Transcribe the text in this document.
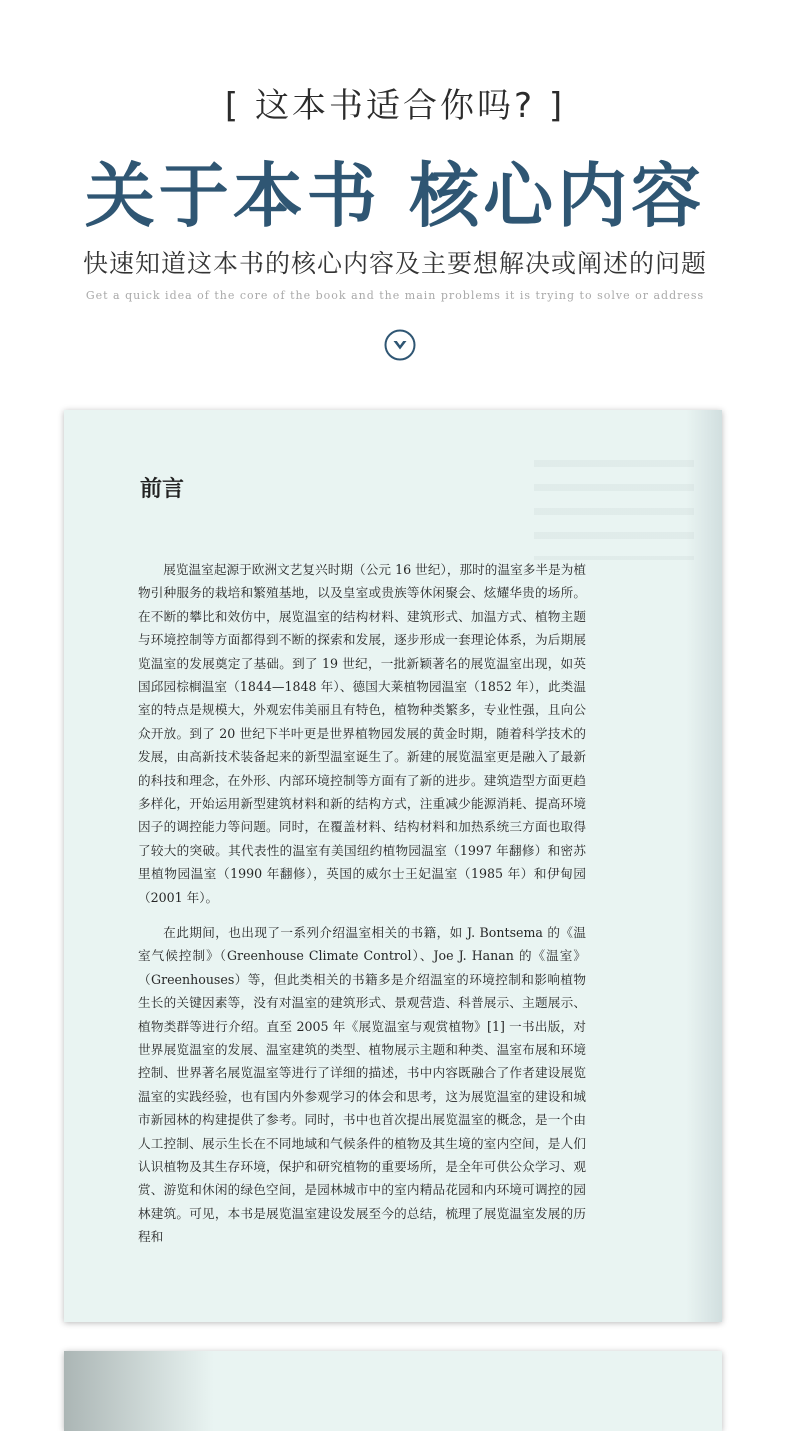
[ 这本书适合你吗? ]
关于本书 核心内容
快速知道这本书的核心内容及主要想解决或阐述的问题
Get a quick idea of the core of the book and the main problems it is trying to solve or address
前言

展览温室起源于欧洲文艺复兴时期（公元 16 世纪），那时的温室多半是为植物引种服务的栽培和繁殖基地，以及皇室或贵族等休闲聚会、炫耀华贵的场所。在不断的攀比和效仿中，展览温室的结构材料、建筑形式、加温方式、植物主题与环境控制等方面都得到不断的探索和发展，逐步形成一套理论体系，为后期展览温室的发展奠定了基础。到了 19 世纪，一批新颖著名的展览温室出现，如英国邱园棕榈温室（1844—1848 年）、德国大莱植物园温室（1852 年），此类温室的特点是规模大，外观宏伟美丽且有特色，植物种类繁多，专业性强，且向公众开放。到了 20 世纪下半叶更是世界植物园发展的黄金时期，随着科学技术的发展，由高新技术装备起来的新型温室诞生了。新建的展览温室更是融入了最新的科技和理念，在外形、内部环境控制等方面有了新的进步。建筑造型方面更趋多样化，开始运用新型建筑材料和新的结构方式，注重减少能源消耗、提高环境因子的调控能力等问题。同时，在覆盖材料、结构材料和加热系统三方面也取得了较大的突破。其代表性的温室有美国纽约植物园温室（1997 年翻修）和密苏里植物园温室（1990 年翻修），英国的威尔士王妃温室（1985 年）和伊甸园（2001 年）。

在此期间，也出现了一系列介绍温室相关的书籍，如 J. Bontsema 的《温室气候控制》（Greenhouse Climate Control）、Joe J. Hanan 的《温室》（Greenhouses）等，但此类相关的书籍多是介绍温室的环境控制和影响植物生长的关键因素等，没有对温室的建筑形式、景观营造、科普展示、主题展示、植物类群等进行介绍。直至 2005 年《展览温室与观赏植物》[1] 一书出版，对世界展览温室的发展、温室建筑的类型、植物展示主题和种类、温室布展和环境控制、世界著名展览温室等进行了详细的描述，书中内容既融合了作者建设展览温室的实践经验，也有国内外参观学习的体会和思考，这为展览温室的建设和城市新园林的构建提供了参考。同时，书中也首次提出展览温室的概念，是一个由人工控制、展示生长在不同地域和气候条件的植物及其生境的室内空间，是人们认识植物及其生存环境，保护和研究植物的重要场所，是全年可供公众学习、观赏、游览和休闲的绿色空间，是园林城市中的室内精品花园和内环境可调控的园林建筑。可见，本书是展览温室建设发展至今的总结，梳理了展览温室发展的历程和
